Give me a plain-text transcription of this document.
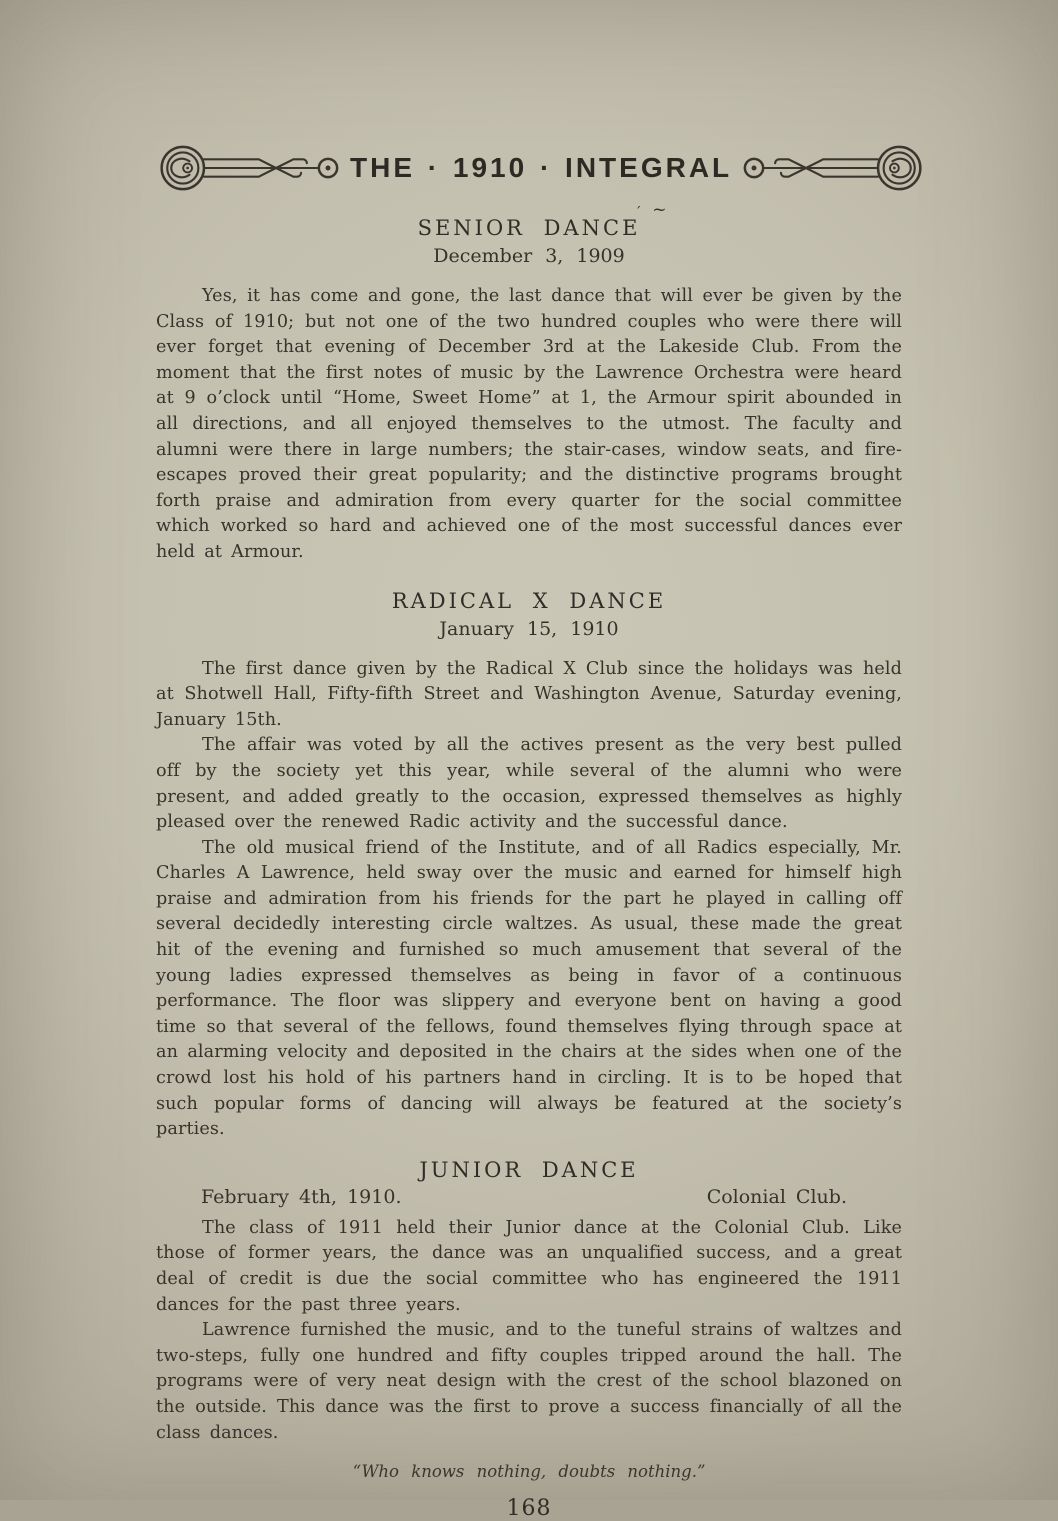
THE · 1910 · INTEGRAL
SENIOR DANCE
ˊ ~
December 3, 1909

Yes, it has come and gone, the last dance that will ever be given by the Class of 1910; but not one of the two hundred couples who were there will ever forget that evening of December 3rd at the Lakeside Club. From the moment that the first notes of music by the Lawrence Orchestra were heard at 9 o’clock until “Home, Sweet Home” at 1, the Armour spirit abounded in all directions, and all enjoyed themselves to the utmost. The faculty and alumni were there in large numbers; the stair-cases, window seats, and fire-escapes proved their great popularity; and the distinctive programs brought forth praise and admiration from every quarter for the social committee which worked so hard and achieved one of the most successful dances ever held at Armour.

RADICAL X DANCE
January 15, 1910

The first dance given by the Radical X Club since the holidays was held at Shotwell Hall, Fifty-fifth Street and Washington Avenue, Saturday evening, January 15th.

The affair was voted by all the actives present as the very best pulled off by the society yet this year, while several of the alumni who were present, and added greatly to the occasion, expressed themselves as highly pleased over the renewed Radic activity and the successful dance.

The old musical friend of the Institute, and of all Radics especially, Mr. Charles A Lawrence, held sway over the music and earned for himself high praise and admiration from his friends for the part he played in calling off several decidedly interesting circle waltzes. As usual, these made the great hit of the evening and furnished so much amusement that several of the young ladies expressed themselves as being in favor of a continuous performance. The floor was slippery and everyone bent on having a good time so that several of the fellows, found themselves flying through space at an alarming velocity and deposited in the chairs at the sides when one of the crowd lost his hold of his partners hand in circling. It is to be hoped that such popular forms of dancing will always be featured at the society’s parties.

JUNIOR DANCE
February 4th, 1910.	Colonial Club.

The class of 1911 held their Junior dance at the Colonial Club. Like those of former years, the dance was an unqualified success, and a great deal of credit is due the social committee who has engineered the 1911 dances for the past three years.

Lawrence furnished the music, and to the tuneful strains of waltzes and two-steps, fully one hundred and fifty couples tripped around the hall. The programs were of very neat design with the crest of the school blazoned on the outside. This dance was the first to prove a success financially of all the class dances.

“Who knows nothing, doubts nothing.”
168
